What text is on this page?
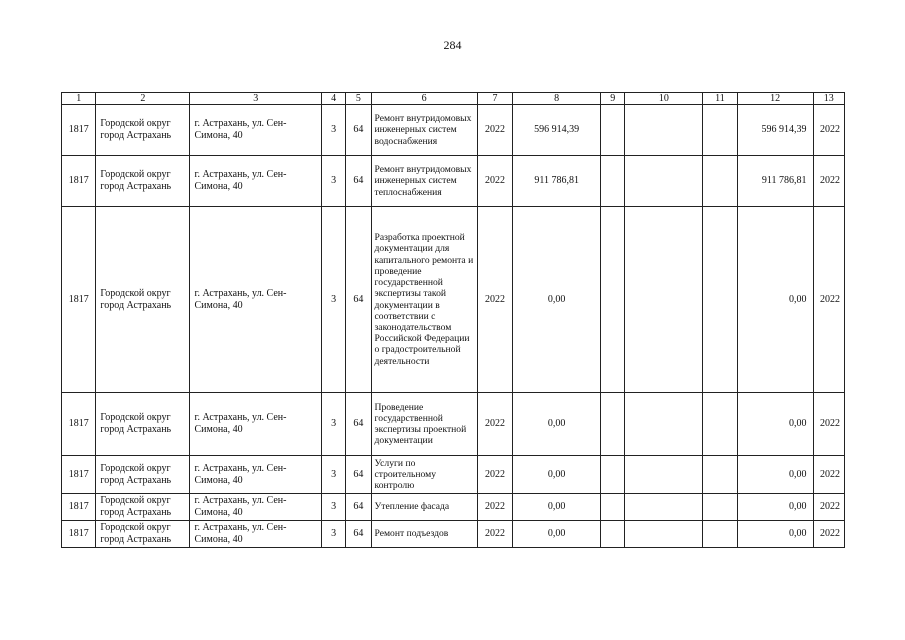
284
1	2	3	4	5	6	7	8	9	10	11	12	13
1817	Городской округ город Астрахань	г. Астрахань, ул. Сен-Симона, 40	3	64	Ремонт внутридомовых инженерных систем водоснабжения	2022	596 914,39				596 914,39	2022
1817	Городской округ город Астрахань	г. Астрахань, ул. Сен-Симона, 40	3	64	Ремонт внутридомовых инженерных систем теплоснабжения	2022	911 786,81				911 786,81	2022
1817	Городской округ город Астрахань	г. Астрахань, ул. Сен-Симона, 40	3	64	Разработка проектной документации для капитального ремонта и проведение государственной экспертизы такой документации в соответствии с законодательством Российской Федерации о градостроительной деятельности	2022	0,00				0,00	2022
1817	Городской округ город Астрахань	г. Астрахань, ул. Сен-Симона, 40	3	64	Проведение государственной экспертизы проектной документации	2022	0,00				0,00	2022
1817	Городской округ город Астрахань	г. Астрахань, ул. Сен-Симона, 40	3	64	Услуги по строительному контролю	2022	0,00				0,00	2022
1817	Городской округ город Астрахань	г. Астрахань, ул. Сен-Симона, 40	3	64	Утепление фасада	2022	0,00				0,00	2022
1817	Городской округ город Астрахань	г. Астрахань, ул. Сен-Симона, 40	3	64	Ремонт подъездов	2022	0,00				0,00	2022
